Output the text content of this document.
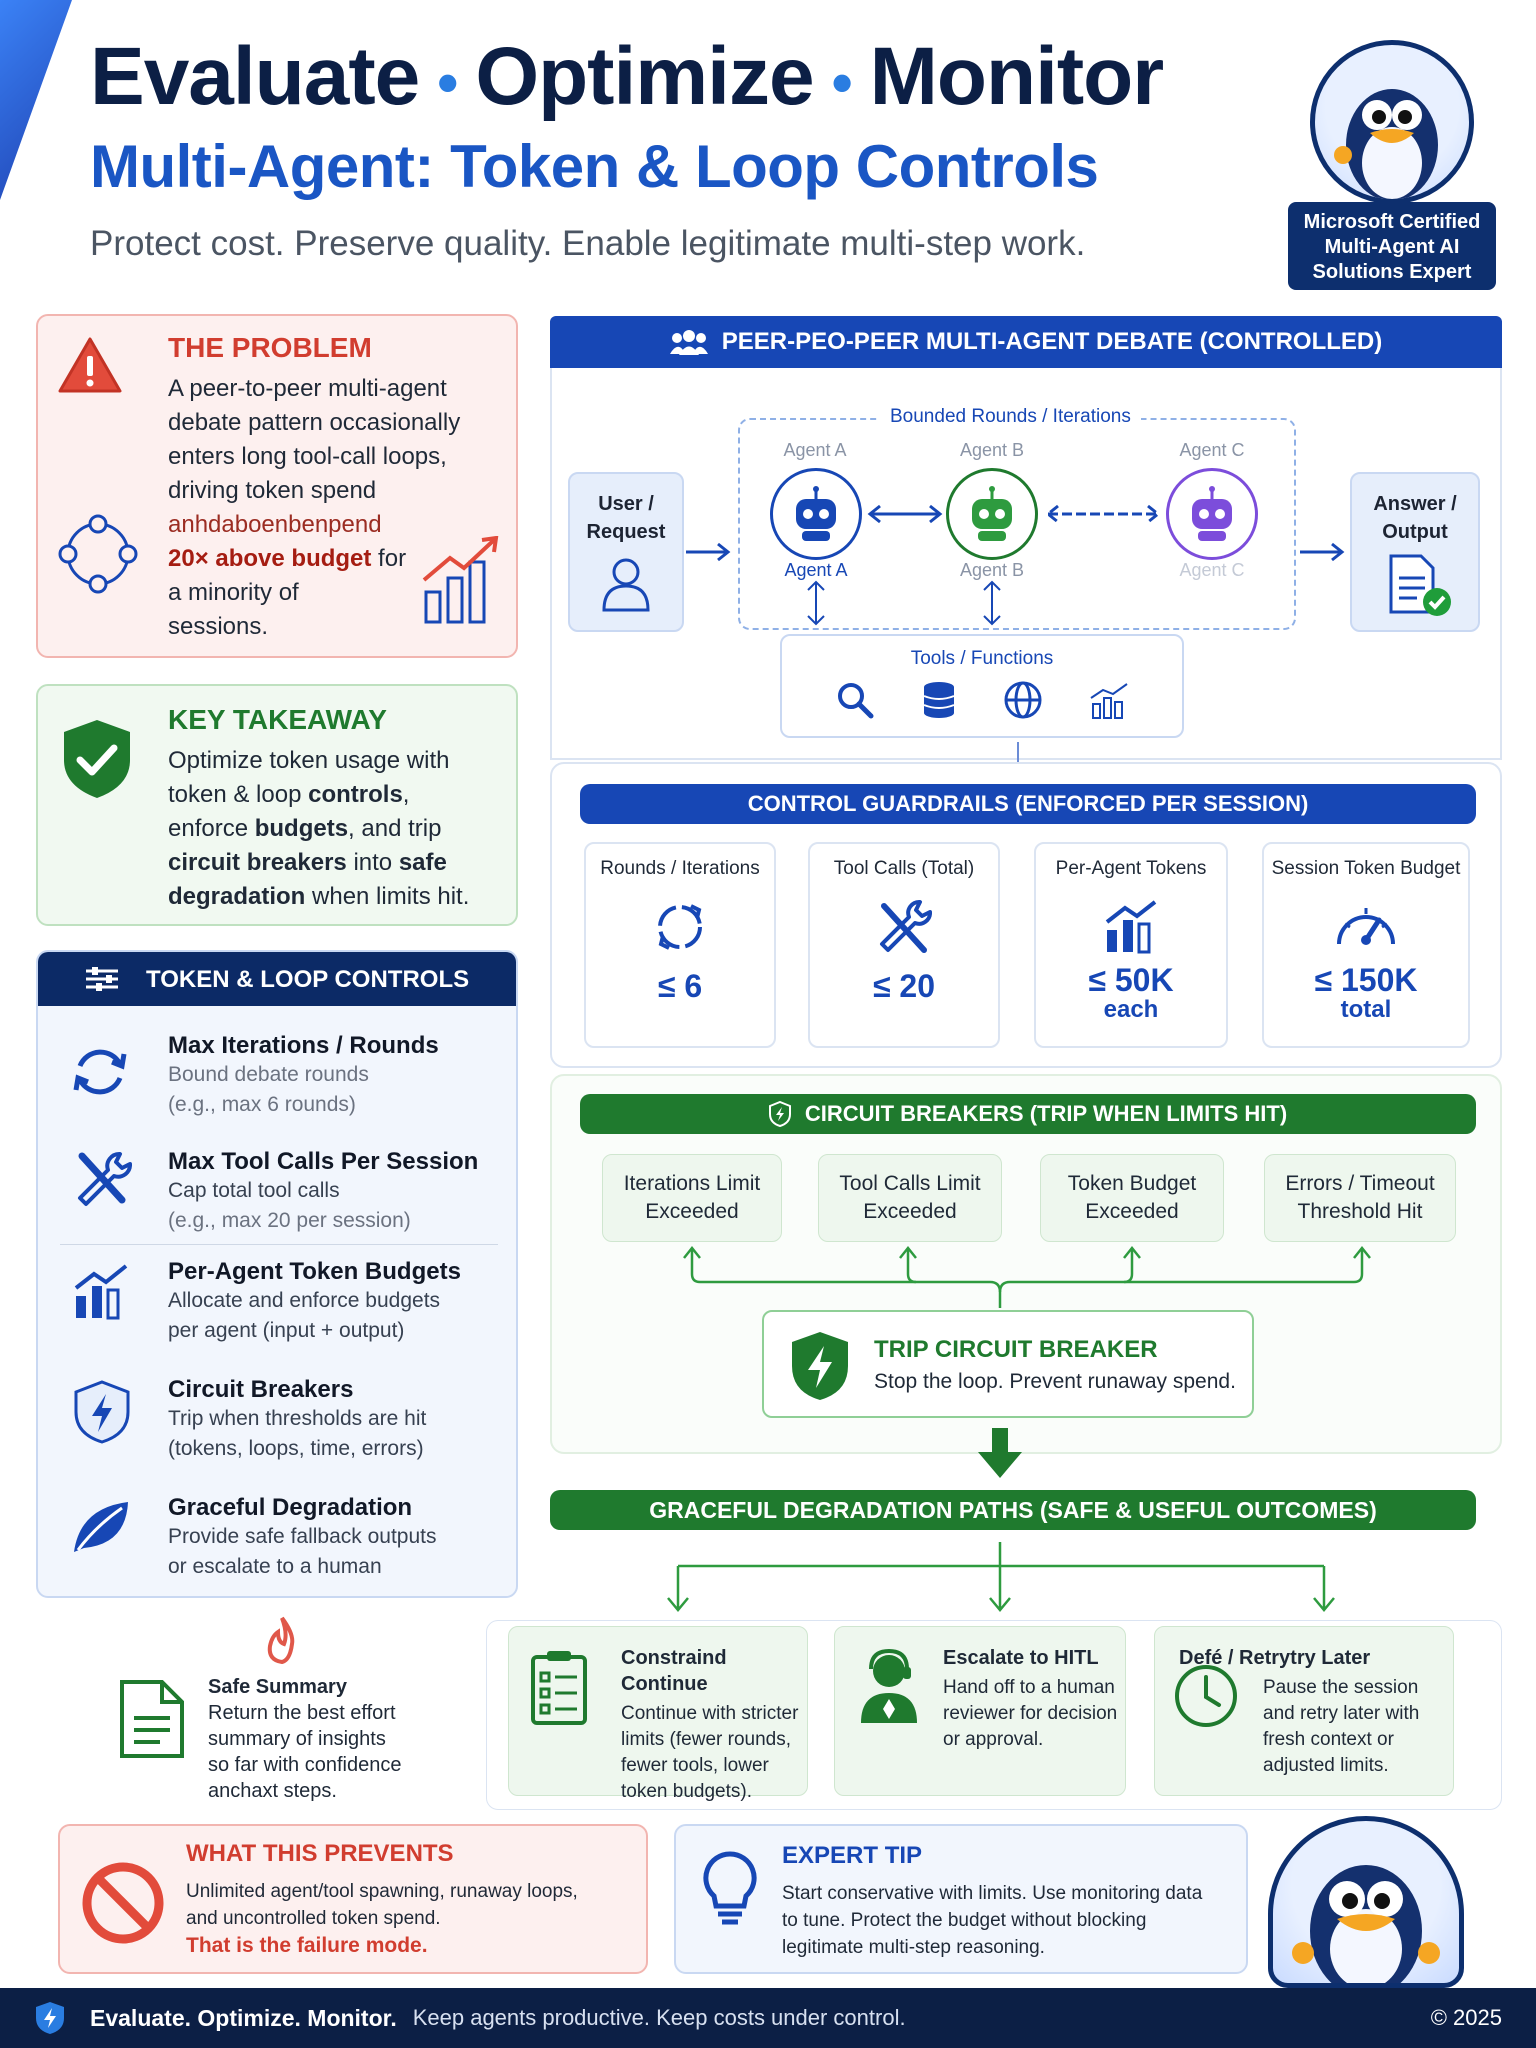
Evaluate • Optimize • Monitor
Multi-Agent: Token & Loop Controls
Protect cost. Preserve quality. Enable legitimate multi-step work.
Microsoft Certified
Multi-Agent AI
Solutions Expert
THE PROBLEM
A peer-to-peer multi-agent
debate pattern occasionally
enters long tool-call loops,
driving token spend
anhdaboenbenpend
20× above budget for
a minority of
sessions.
KEY TAKEAWAY
Optimize token usage with
token & loop controls,
enforce budgets, and trip
circuit breakers into safe
degradation when limits hit.
TOKEN & LOOP CONTROLS
Max Iterations / Rounds
Bound debate rounds
(e.g., max 6 rounds)
Max Tool Calls Per Session
Cap total tool calls
(e.g., max 20 per session)
Per-Agent Token Budgets
Allocate and enforce budgets
per agent (input + output)
Circuit Breakers
Trip when thresholds are hit
(tokens, loops, time, errors)
Graceful Degradation
Provide safe fallback outputs
or escalate to a human
PEER-PEO-PEER MULTI-AGENT DEBATE (CONTROLLED)
Bounded Rounds / Iterations
User /
Request
Answer /
Output
Agent A
Agent A
Agent B
Agent B
Agent C
Agent C
Tools / Functions
CONTROL GUARDRAILS (ENFORCED PER SESSION)
Rounds / Iterations
≤ 6
Tool Calls (Total)
≤ 20
Per-Agent Tokens
≤ 50K
each
Session Token Budget
≤ 150K
total
CIRCUIT BREAKERS (TRIP WHEN LIMITS HIT)
Iterations Limit
Exceeded
Tool Calls Limit
Exceeded
Token Budget
Exceeded
Errors / Timeout
Threshold Hit
TRIP CIRCUIT BREAKER
Stop the loop. Prevent runaway spend.
GRACEFUL DEGRADATION PATHS (SAFE & USEFUL OUTCOMES)
Safe Summary
Return the best effort
summary of insights
so far with confidence
anchaxt steps.
Constraind Continue
Continue with stricter
limits (fewer rounds,
fewer tools, lower
token budgets).
Escalate to HITL
Hand off to a human
reviewer for decision
or approval.
Defé / Retrytry Later
Pause the session
and retry later with
fresh context or
adjusted limits.
WHAT THIS PREVENTS
Unlimited agent/tool spawning, runaway loops,
and uncontrolled token spend.
That is the failure mode.
EXPERT TIP
Start conservative with limits. Use monitoring data
to tune. Protect the budget without blocking
legitimate multi-step reasoning.
Evaluate. Optimize. Monitor. Keep agents productive. Keep costs under control.	© 2025
